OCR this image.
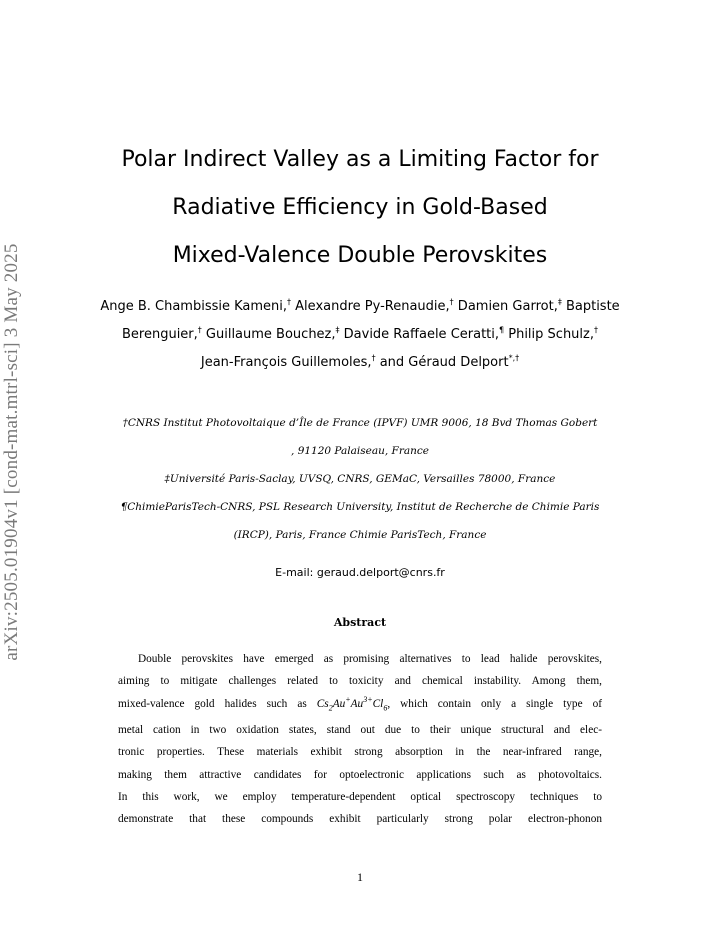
arXiv:2505.01904v1 [cond-mat.mtrl-sci] 3 May 2025
Polar Indirect Valley as a Limiting Factor for
Radiative Efficiency in Gold-Based
Mixed-Valence Double Perovskites
Ange B. Chambissie Kameni,† Alexandre Py-Renaudie,† Damien Garrot,‡ Baptiste
Berenguier,† Guillaume Bouchez,‡ Davide Raffaele Ceratti,¶ Philip Schulz,†
Jean-François Guillemoles,† and Géraud Delport*,†
†CNRS Institut Photovoltaique d’Île de France (IPVF) UMR 9006, 18 Bvd Thomas Gobert
, 91120 Palaiseau, France
‡Université Paris-Saclay, UVSQ, CNRS, GEMaC, Versailles 78000, France
¶ChimieParisTech-CNRS, PSL Research University, Institut de Recherche de Chimie Paris
(IRCP), Paris, France Chimie ParisTech, France
E-mail: geraud.delport@cnrs.fr
Abstract
Double perovskites have emerged as promising alternatives to lead halide perovskites,
aiming to mitigate challenges related to toxicity and chemical instability. Among them,
mixed-valence gold halides such as $Cs_2Au^+Au^{3+}Cl_6$, which contain only a single type of
metal cation in two oxidation states, stand out due to their unique structural and elec-
tronic properties. These materials exhibit strong absorption in the near-infrared range,
making them attractive candidates for optoelectronic applications such as photovoltaics.
In this work, we employ temperature-dependent optical spectroscopy techniques to
demonstrate that these compounds exhibit particularly strong polar electron-phonon
1
